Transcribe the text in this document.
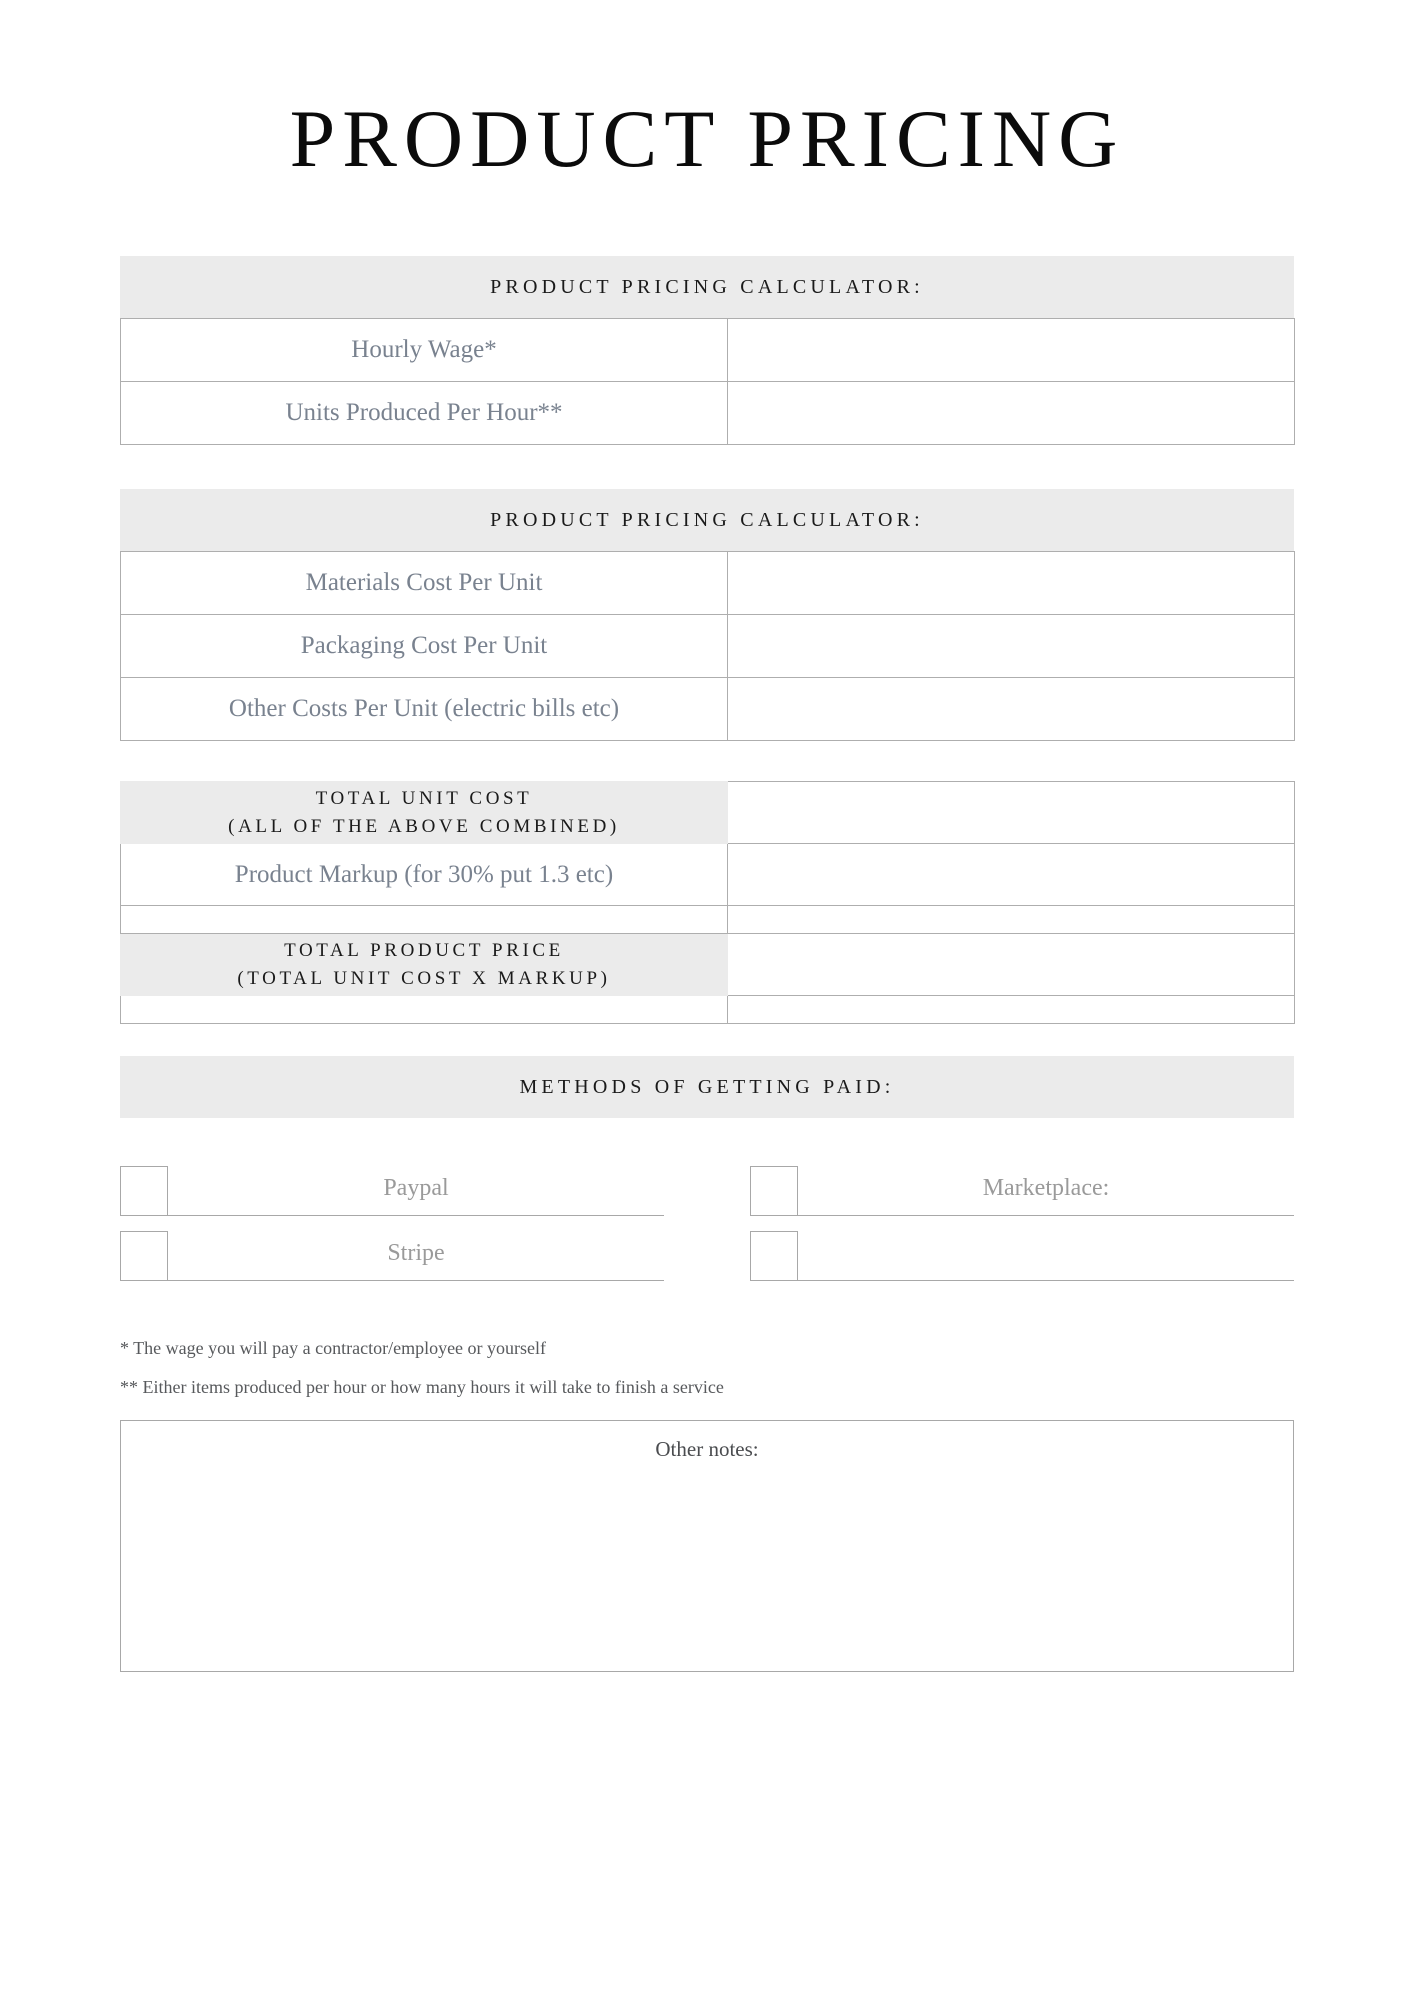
PRODUCT PRICING
PRODUCT PRICING CALCULATOR:
Hourly Wage*	
Units Produced Per Hour**	
PRODUCT PRICING CALCULATOR:
Materials Cost Per Unit	
Packaging Cost Per Unit	
Other Costs Per Unit (electric bills etc)	
TOTAL UNIT COST
(ALL OF THE ABOVE COMBINED)	

Product Markup (for 30% put 1.3 etc)	

TOTAL PRODUCT PRICE
(TOTAL UNIT COST X MARKUP)	

METHODS OF GETTING PAID:
Paypal
Stripe
Marketplace:
* The wage you will pay a contractor/employee or yourself
** Either items produced per hour or how many hours it will take to finish a service
Other notes:
